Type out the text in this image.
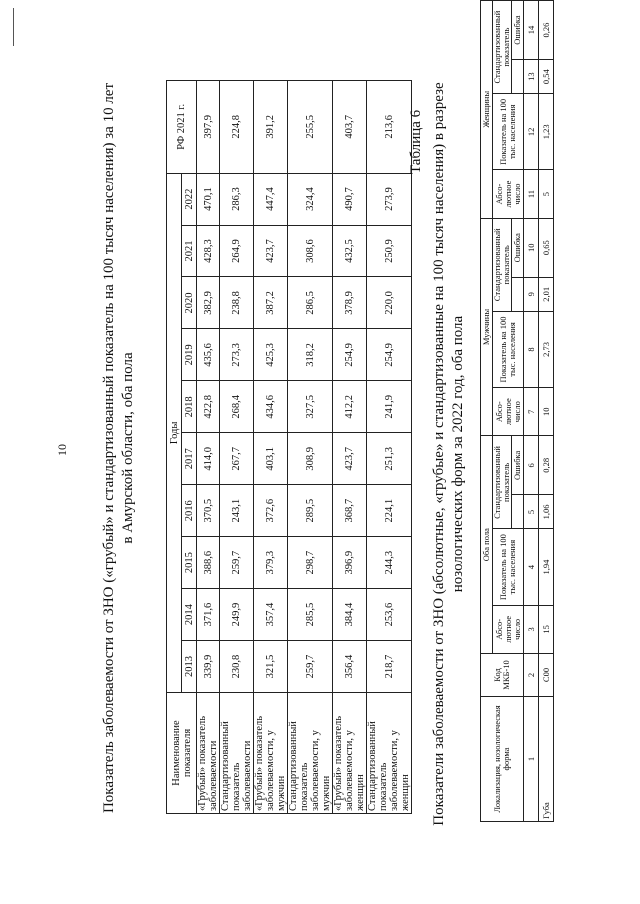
10 Показатель заболеваемости от ЗНО («грубый» и стандартизованный показатель на 100 тысяч населения) за 10 лет в Амурской области, оба пола
Наименование показателя	Годы										РФ 2021 г.
	2013	2014	2015	2016	2017	2018	2019	2020	2021	2022	
«Грубый» показатель заболеваемости	339,9	371,6	388,6	370,5	414,0	422,8	435,6	382,9	428,3	470,1	397,9
Стандартизованный показатель заболеваемости	230,8	249,9	259,7	243,1	267,7	268,4	273,3	238,8	264,9	286,3	224,8
«Грубый» показатель заболеваемости, у мужчин	321,5	357,4	379,3	372,6	403,1	434,6	425,3	387,2	423,7	447,4	391,2
Стандартизованный показатель заболеваемости, у мужчин	259,7	285,5	298,7	289,5	308,9	327,5	318,2	286,5	308,6	324,4	255,5
«Грубый» показатель заболеваемости, у женщин	356,4	384,4	396,9	368,7	423,7	412,2	254,9	378,9	432,5	490,7	403,7
Стандартизованный показатель заболеваемости, у женщин	218,7	253,6	244,3	224,1	251,3	241,9	254,9	220,0	250,9	273,9	213,6 Таблица 6 Показатели заболеваемости от ЗНО (абсолютные, «грубые» и стандартизованные на 100 тысяч населения) в разрезе нозологических форм за 2022 год, оба пола
Локализация, нозологическая форма	Код МКБ-10	Оба пола				Мужчины				Женщины			
		Абсо-лютное число	Показатель на 100 тыс. населения	Стандартизованный показатель		Абсо-лютное число	Показатель на 100 тыс. населения	Стандартизованный показатель		Абсо-лютное число	Показатель на 100 тыс. населения	Стандартизованный показатель	
					Ошибка				Ошибка				Ошибка
1	2	3	4	5	6	7	8	9	10	11	12	13	14
Губа	C00	15	1,94	1,06	0,28	10	2,73	2,01	0,65	5	1,23	0,54	0,26
